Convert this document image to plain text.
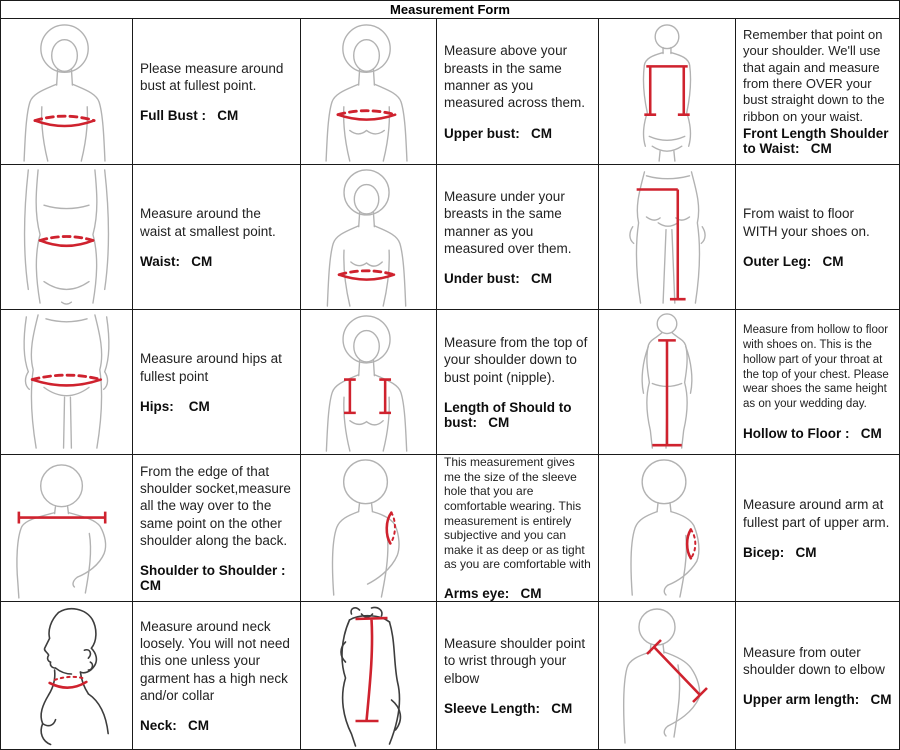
Measurement Form

Please measure around bust at fullest point.

Full Bust :   CM

Measure above your breasts in the same manner as you measured across them.

Upper bust:   CM

Remember that point on your shoulder. We'll use that again and measure from there OVER your bust straight down to the ribbon on your waist.

Front Length Shoulder to Waist:   CM

Measure around the waist at smallest point.

Waist:   CM

Measure under your breasts in the same manner as you measured over them.

Under bust:   CM

From waist to floor WITH your shoes on.

Outer Leg:   CM

Measure around hips at fullest point

Hips:    CM

Measure from the top of your shoulder down to bust point (nipple).

Length of Should to bust:   CM

Measure from hollow to floor with shoes on. This is the hollow part of your throat at the top of your chest. Please wear shoes the same height as on your wedding day.

Hollow to Floor :   CM

From the edge of that shoulder socket,measure all the way over to the same point on the other shoulder along the back.

Shoulder to Shoulder :  CM

This measurement gives me the size of the sleeve hole that you are comfortable wearing. This measurement is entirely subjective and you can make it as deep or as tight as you are comfortable with

Arms eye:   CM

Measure around arm at fullest part of upper arm.

Bicep:   CM

Measure around neck loosely. You will not need this one unless your garment has a high neck and/or collar

Neck:   CM

Measure shoulder point to wrist through your elbow

Sleeve Length:   CM

Measure from outer shoulder down to elbow

Upper arm length:   CM
